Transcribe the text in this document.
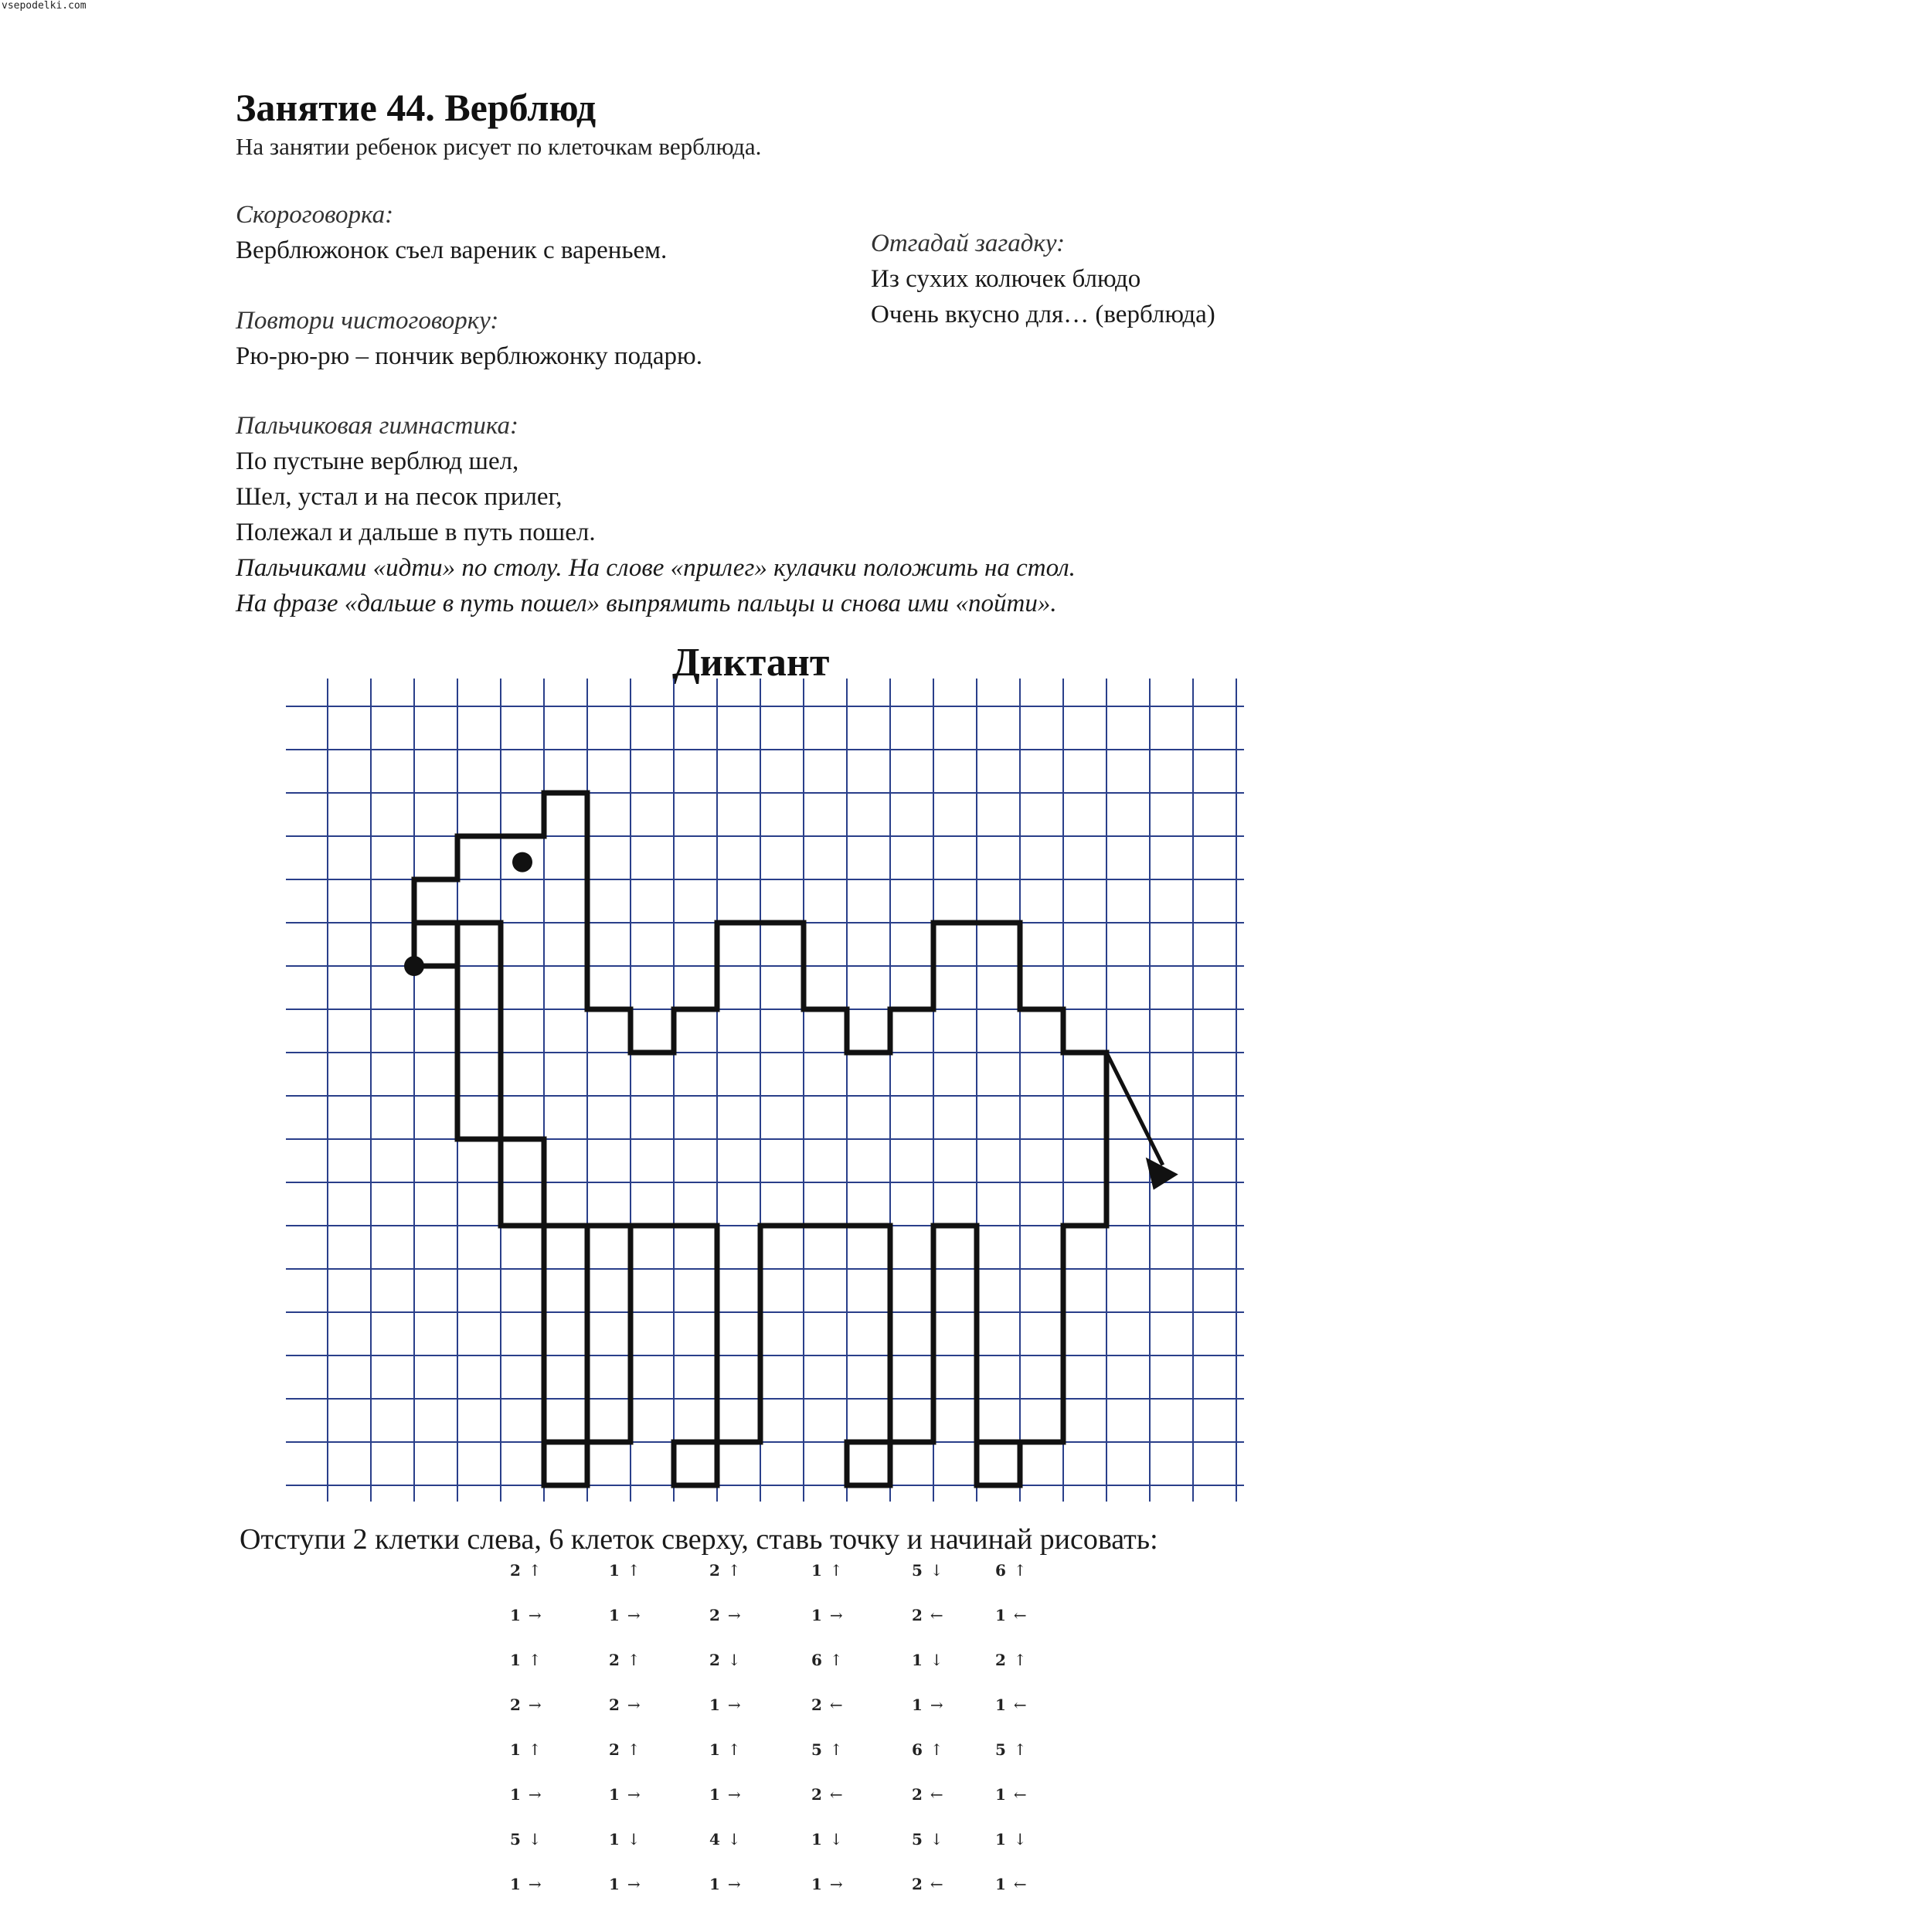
vsepodelki.com
Занятие 44. Верблюд
На занятии ребенок рисует по клеточкам верблюда.
Скороговорка:
Верблюжонок съел вареник с вареньем.	Отгадай загадку:
Из сухих колючек блюдо
Очень вкусно для… (верблюда)
Повтори чистоговорку:
Рю-рю-рю – пончик верблюжонку подарю.
Пальчиковая гимнастика:
По пустыне верблюд шел,
Шел, устал и на песок прилег,
Полежал и дальше в путь пошел.
Пальчиками «идти» по столу. На слове «прилег» кулачки положить на стол.
На фразе «дальше в путь пошел» выпрямить пальцы и снова ими «пойти».
Диктант
Отступи 2 клетки слева, 6 клеток сверху, ставь точку и начинай рисовать:
2 ↑
1 →
1 ↑
2 →
1 ↑
1 →
5 ↓
1 →
1 ↑
1 →
2 ↑
2 →
2 ↑
1 →
1 ↓
1 →
2 ↑
2 →
2 ↓
1 →
1 ↑
1 →
4 ↓
1 →
1 ↑
1 →
6 ↑
2 ←
5 ↑
2 ←
1 ↓
1 →
5 ↓
2 ←
1 ↓
1 →
6 ↑
2 ←
5 ↓
2 ←
6 ↑
1 ←
2 ↑
1 ←
5 ↑
1 ←
1 ↓
1 ←
